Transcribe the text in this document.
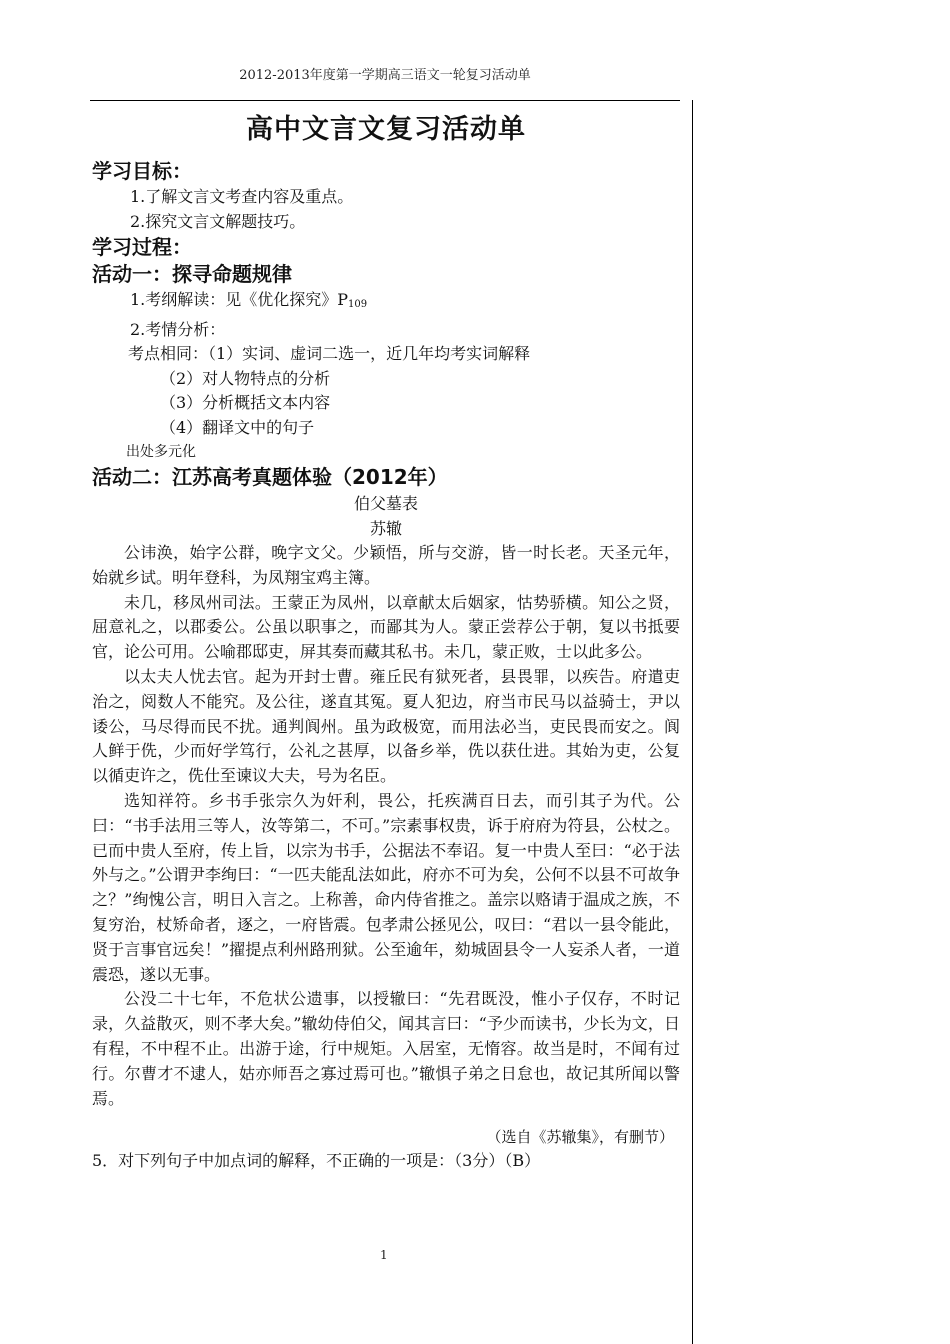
2012-2013年度第一学期高三语文一轮复习活动单
高中文言文复习活动单
学习目标：
1.了解文言文考查内容及重点。
2.探究文言文解题技巧。
学习过程：
活动一：探寻命题规律
1.考纲解读：见《优化探究》$P_{109}$
2.考情分析：
考点相同：（1）实词、虚词二选一，近几年均考实词解释
（2）对人物特点的分析
（3）分析概括文本内容
（4）翻译文中的句子
出处多元化
活动二：江苏高考真题体验（2012年）
伯父墓表
苏辙

公讳涣，始字公群，晚字文父。少颖悟，所与交游，皆一时长老。天圣元年，始就乡试。明年登科，为凤翔宝鸡主簿。

未几，移凤州司法。王蒙正为凤州，以章献太后姻家，怙势骄横。知公之贤，屈意礼之，以郡委公。公虽以职事之，而鄙其为人。蒙正尝荐公于朝，复以书抵要官，论公可用。公喻郡邸吏，屏其奏而藏其私书。未几，蒙正败，士以此多公。

以太夫人忧去官。起为开封士曹。雍丘民有狱死者，县畏罪，以疾告。府遣吏治之，阅数人不能究。及公往，遂直其冤。夏人犯边，府当市民马以益骑士，尹以诿公，马尽得而民不扰。通判阆州。虽为政极宽，而用法必当，吏民畏而安之。阆人鲜于侁，少而好学笃行，公礼之甚厚，以备乡举，侁以获仕进。其始为吏，公复以循吏许之，侁仕至谏议大夫，号为名臣。

选知祥符。乡书手张宗久为奸利，畏公，托疾满百日去，而引其子为代。公曰：“书手法用三等人，汝等第二，不可。”宗素事权贵，诉于府府为符县，公杖之。已而中贵人至府，传上旨，以宗为书手，公据法不奉诏。复一中贵人至曰：“必于法外与之。”公谓尹李绚曰：“一匹夫能乱法如此，府亦不可为矣，公何不以县不可故争之？”绚愧公言，明日入言之。上称善，命内侍省推之。盖宗以赂请于温成之族，不复穷治，杖矫命者，逐之，一府皆震。包孝肃公拯见公，叹曰：“君以一县令能此，贤于言事官远矣！”擢提点利州路刑狱。公至逾年，劾城固县令一人妄杀人者，一道震恐，遂以无事。

公没二十七年，不危状公遗事，以授辙曰：“先君既没，惟小子仅存，不时记录，久益散灭，则不孝大矣。”辙幼侍伯父，闻其言曰：“予少而读书，少长为文，日有程，不中程不止。出游于途，行中规矩。入居室，无惰容。故当是时，不闻有过行。尔曹才不逮人，姑亦师吾之寡过焉可也。”辙惧子弟之日怠也，故记其所闻以警焉。

（选自《苏辙集》，有删节）
5．对下列句子中加点词的解释，不正确的一项是：（3分）（B）
1
